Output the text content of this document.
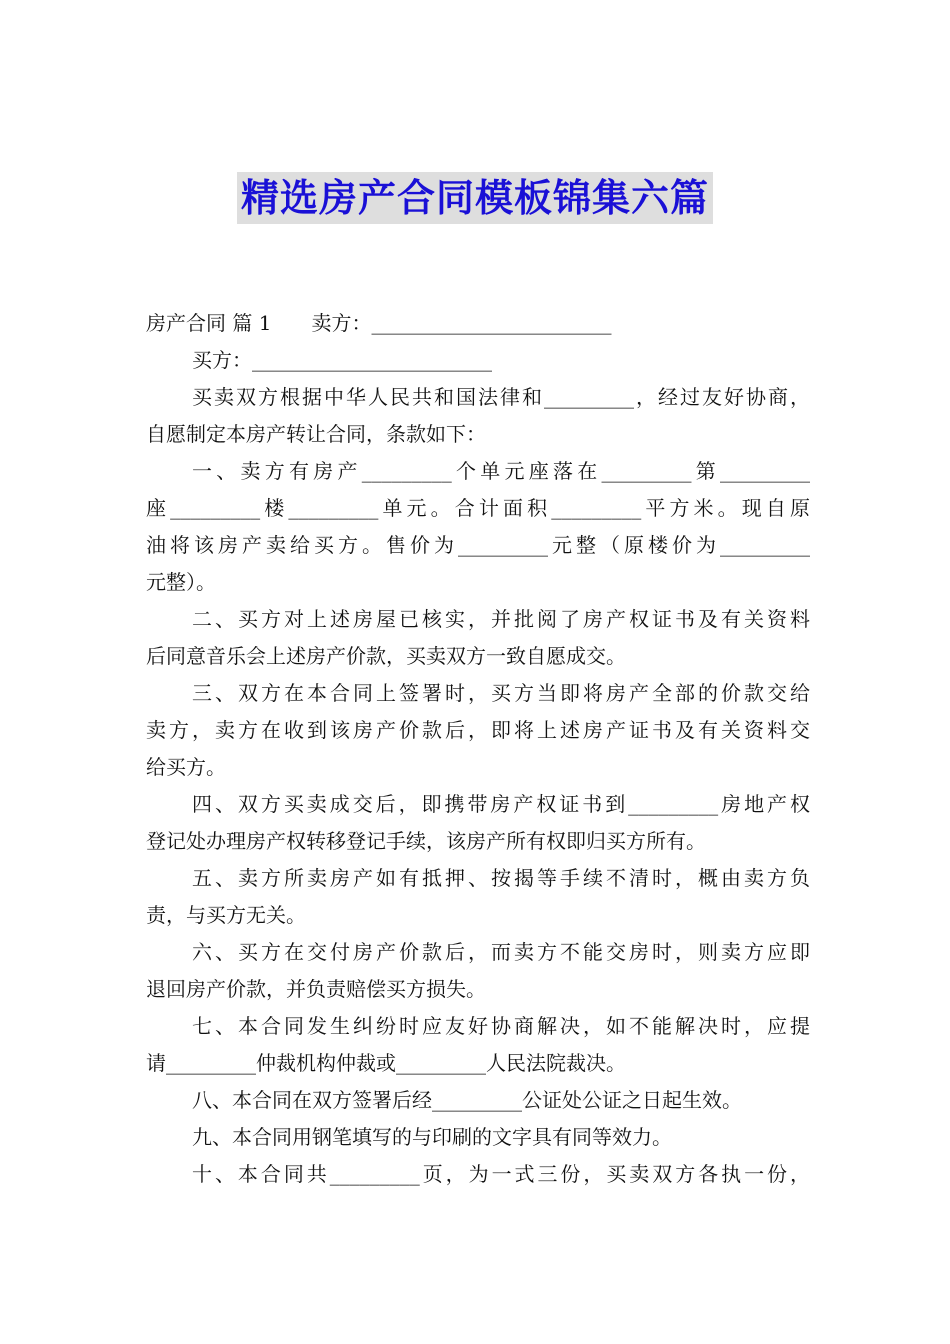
精选房产合同模板锦集六篇
房产合同 篇 1 卖方：________________________
买方：________________________
买卖双方根据中华人民共和国法律和_________，经过友好协商，
自愿制定本房产转让合同，条款如下：
一、卖方有房产_________个单元座落在_________第_________
座_________楼_________单元。合计面积_________平方米。现自原
油将该房产卖给买方。售价为_________元整（原楼价为_________
元整）。
二、买方对上述房屋已核实，并批阅了房产权证书及有关资料
后同意音乐会上述房产价款，买卖双方一致自愿成交。
三、双方在本合同上签署时，买方当即将房产全部的价款交给
卖方，卖方在收到该房产价款后，即将上述房产证书及有关资料交
给买方。
四、双方买卖成交后，即携带房产权证书到_________房地产权
登记处办理房产权转移登记手续，该房产所有权即归买方所有。
五、卖方所卖房产如有抵押、按揭等手续不清时，概由卖方负
责，与买方无关。
六、买方在交付房产价款后，而卖方不能交房时，则卖方应即
退回房产价款，并负责赔偿买方损失。
七、本合同发生纠纷时应友好协商解决，如不能解决时，应提
请_________仲裁机构仲裁或_________人民法院裁决。
八、本合同在双方签署后经_________公证处公证之日起生效。
九、本合同用钢笔填写的与印刷的文字具有同等效力。
十、本合同共_________页，为一式三份，买卖双方各执一份，
